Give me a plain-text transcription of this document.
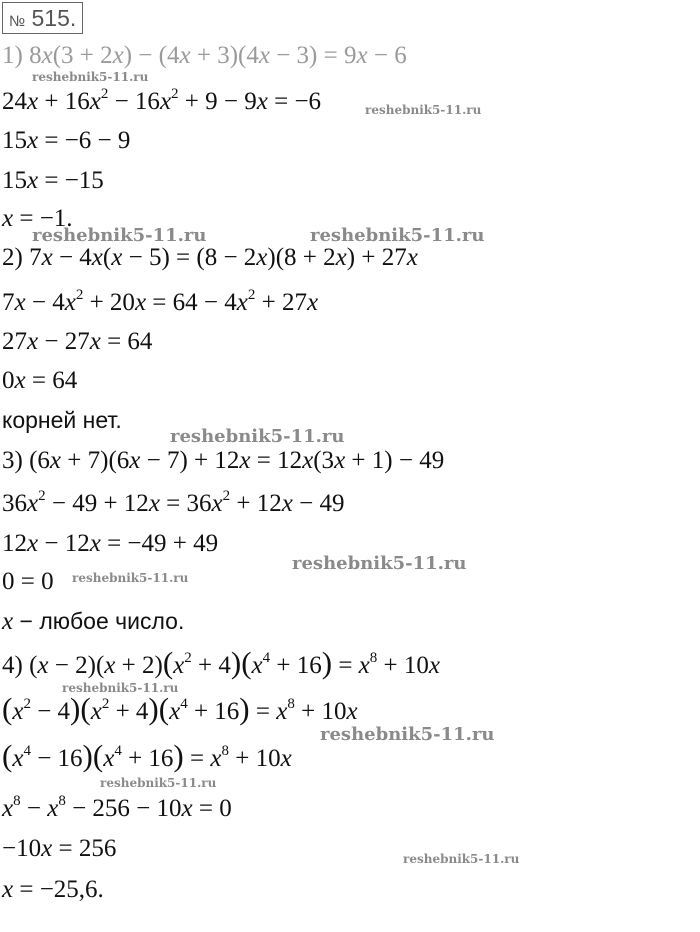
№ 515.
1) 8x(3 + 2x) − (4x + 3)(4x − 3) = 9x − 6
$24x + 16x^2 - 16x^2 + 9 - 9x = -6$
15x = −6 − 9
15x = −15
x = −1.
2) 7x − 4x(x − 5) = (8 − 2x)(8 + 2x) + 27x
$7x - 4x^2 + 20x = 64 - 4x^2 + 27x$
27x − 27x = 64
0x = 64
корней нет.
3) (6x + 7)(6x − 7) + 12x = 12x(3x + 1) − 49
$36x^2 - 49 + 12x = 36x^2 + 12x - 49$
12x − 12x = −49 + 49
0 = 0
x − любое число.
4) $(x - 2)(x + 2)(x^2 + 4)(x^4 + 16) = x^8 + 10x$
$(x^2 - 4)(x^2 + 4)(x^4 + 16) = x^8 + 10x$
$(x^4 - 16)(x^4 + 16) = x^8 + 10x$
$x^8 - x^8 - 256 - 10x = 0$
−10x = 256
x = −25,6.
reshebnik5-11.ru
reshebnik5-11.ru
reshebnik5-11.ru	reshebnik5-11.ru
reshebnik5-11.ru
reshebnik5-11.ru
reshebnik5-11.ru
reshebnik5-11.ru
reshebnik5-11.ru
reshebnik5-11.ru
reshebnik5-11.ru
